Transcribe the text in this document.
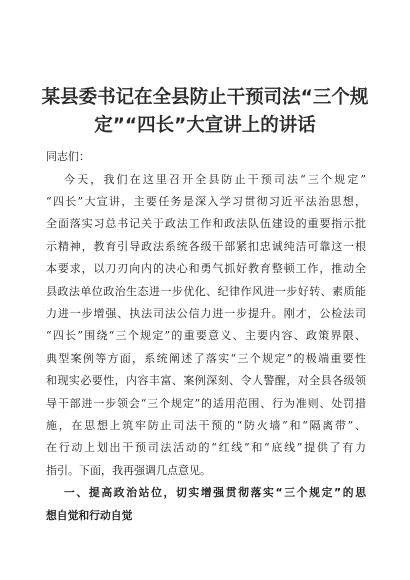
某县委书记在全县防止干预司法“三个规
定”“四长”大宣讲上的讲话

同志们：

今天，我们在这里召开全县防止干预司法“三个规定”

“四长”大宣讲，主要任务是深入学习贯彻习近平法治思想，

全面落实习总书记关于政法工作和政法队伍建设的重要指示批

示精神，教育引导政法系统各级干部紧扣忠诚纯洁可靠这一根

本要求，以刀刃向内的决心和勇气抓好教育整顿工作，推动全

县政法单位政治生态进一步优化、纪律作风进一步好转、素质能

力进一步增强、执法司法公信力进一步提升。刚才，公检法司

“四长”围绕“三个规定”的重要意义、主要内容、政策界限、

典型案例等方面，系统阐述了落实“三个规定”的极端重要性

和现实必要性，内容丰富、案例深刻、令人警醒，对全县各级领

导干部进一步领会“三个规定”的适用范围、行为准则、处罚措

施，在思想上筑牢防止司法干预的“防火墙”和“隔离带”、

在行动上划出干预司法活动的“红线”和“底线”提供了有力

指引。下面，我再强调几点意见。

一、提高政治站位，切实增强贯彻落实“三个规定”的思

想自觉和行动自觉
